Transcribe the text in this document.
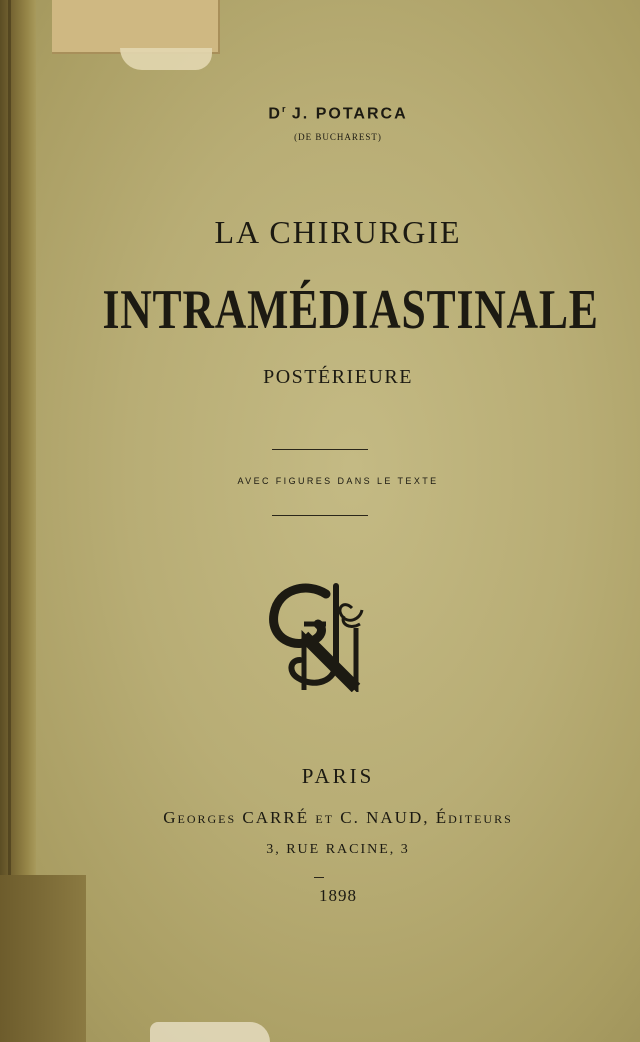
$D^r$ J. POTARCA
(DE BUCHAREST)
LA CHIRURGIE
INTRAMÉDIASTINALE
POSTÉRIEURE
AVEC FIGURES DANS LE TEXTE
PARIS
Georges CARRÉ et C. NAUD, Éditeurs
3, RUE RACINE, 3
1898
